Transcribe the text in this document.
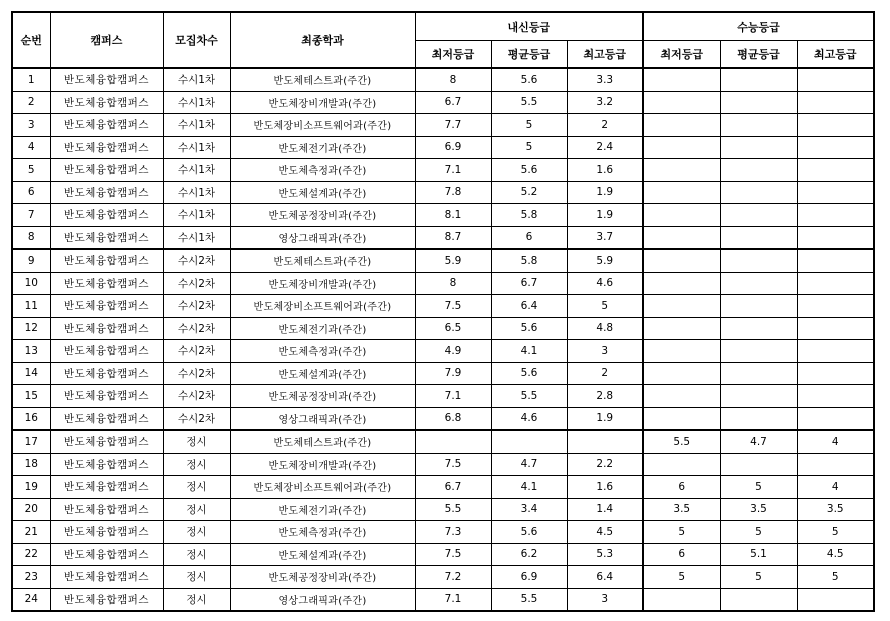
순번	캠퍼스	모집차수	최종학과	내신등급			수능등급		
				최저등급	평균등급	최고등급	최저등급	평균등급	최고등급
1	반도체융합캠퍼스	수시1차	반도체테스트과(주간)	8	5.6	3.3			
2	반도체융합캠퍼스	수시1차	반도체장비개발과(주간)	6.7	5.5	3.2			
3	반도체융합캠퍼스	수시1차	반도체장비소프트웨어과(주간)	7.7	5	2			
4	반도체융합캠퍼스	수시1차	반도체전기과(주간)	6.9	5	2.4			
5	반도체융합캠퍼스	수시1차	반도체측정과(주간)	7.1	5.6	1.6			
6	반도체융합캠퍼스	수시1차	반도체설계과(주간)	7.8	5.2	1.9			
7	반도체융합캠퍼스	수시1차	반도체공정장비과(주간)	8.1	5.8	1.9			
8	반도체융합캠퍼스	수시1차	영상그래픽과(주간)	8.7	6	3.7			
9	반도체융합캠퍼스	수시2차	반도체테스트과(주간)	5.9	5.8	5.9			
10	반도체융합캠퍼스	수시2차	반도체장비개발과(주간)	8	6.7	4.6			
11	반도체융합캠퍼스	수시2차	반도체장비소프트웨어과(주간)	7.5	6.4	5			
12	반도체융합캠퍼스	수시2차	반도체전기과(주간)	6.5	5.6	4.8			
13	반도체융합캠퍼스	수시2차	반도체측정과(주간)	4.9	4.1	3			
14	반도체융합캠퍼스	수시2차	반도체설계과(주간)	7.9	5.6	2			
15	반도체융합캠퍼스	수시2차	반도체공정장비과(주간)	7.1	5.5	2.8			
16	반도체융합캠퍼스	수시2차	영상그래픽과(주간)	6.8	4.6	1.9			
17	반도체융합캠퍼스	정시	반도체테스트과(주간)				5.5	4.7	4
18	반도체융합캠퍼스	정시	반도체장비개발과(주간)	7.5	4.7	2.2			
19	반도체융합캠퍼스	정시	반도체장비소프트웨어과(주간)	6.7	4.1	1.6	6	5	4
20	반도체융합캠퍼스	정시	반도체전기과(주간)	5.5	3.4	1.4	3.5	3.5	3.5
21	반도체융합캠퍼스	정시	반도체측정과(주간)	7.3	5.6	4.5	5	5	5
22	반도체융합캠퍼스	정시	반도체설계과(주간)	7.5	6.2	5.3	6	5.1	4.5
23	반도체융합캠퍼스	정시	반도체공정장비과(주간)	7.2	6.9	6.4	5	5	5
24	반도체융합캠퍼스	정시	영상그래픽과(주간)	7.1	5.5	3			
